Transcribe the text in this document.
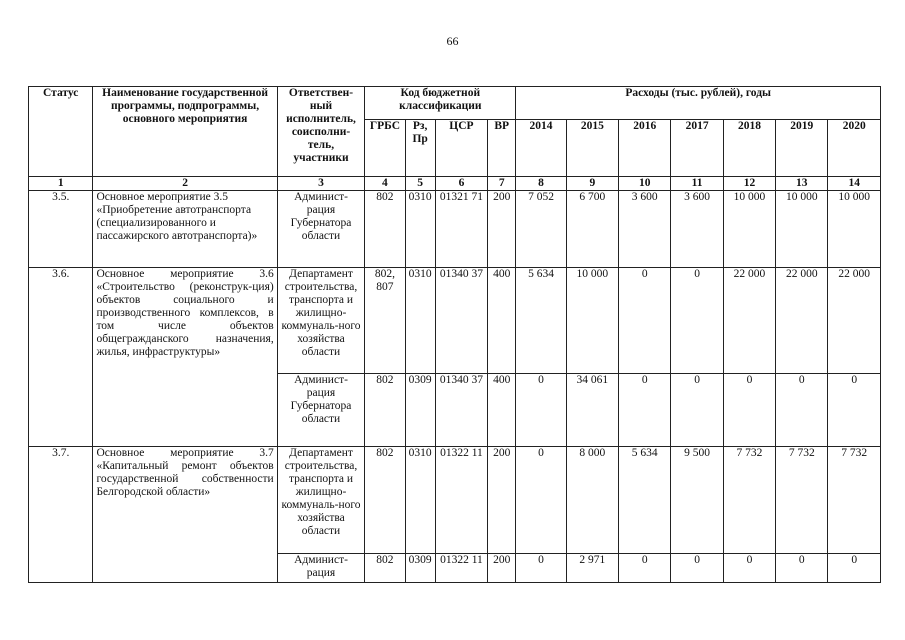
66
Статус	Наименование государственной программы, подпрограммы, основного мероприятия	Ответствен-ный исполнитель, соисполни-тель, участники	Код бюджетной классификации				Расходы (тыс. рублей), годы						
			ГРБС	Рз, Пр	ЦСР	ВР	2014	2015	2016	2017	2018	2019	2020
1	2	3	4	5	6	7	8	9	10	11	12	13	14
3.5.	Основное мероприятие 3.5 «Приобретение автотранспорта (специализированного и пассажирского автотранспорта)»	Админист-рация Губернатора области	802	0310	01321 71	200	7 052	6 700	3 600	3 600	10 000	10 000	10 000
3.6.	Основное мероприятие 3.6 «Строительство (реконструк-ция) объектов социального и производственного комплексов, в том числе объектов общегражданского назначения, жилья, инфраструктуры»	Департамент строительства, транспорта и жилищно-коммуналь-ного хозяйства области	802, 807	0310	01340 37	400	5 634	10 000	0	0	22 000	22 000	22 000
		Админист-рация Губернатора области	802	0309	01340 37	400	0	34 061	0	0	0	0	0
3.7.	Основное мероприятие 3.7 «Капитальный ремонт объектов государственной собственности Белгородской области»	Департамент строительства, транспорта и жилищно-коммуналь-ного хозяйства области	802	0310	01322 11	200	0	8 000	5 634	9 500	7 732	7 732	7 732
		Админист-рация	802	0309	01322 11	200	0	2 971	0	0	0	0	0
